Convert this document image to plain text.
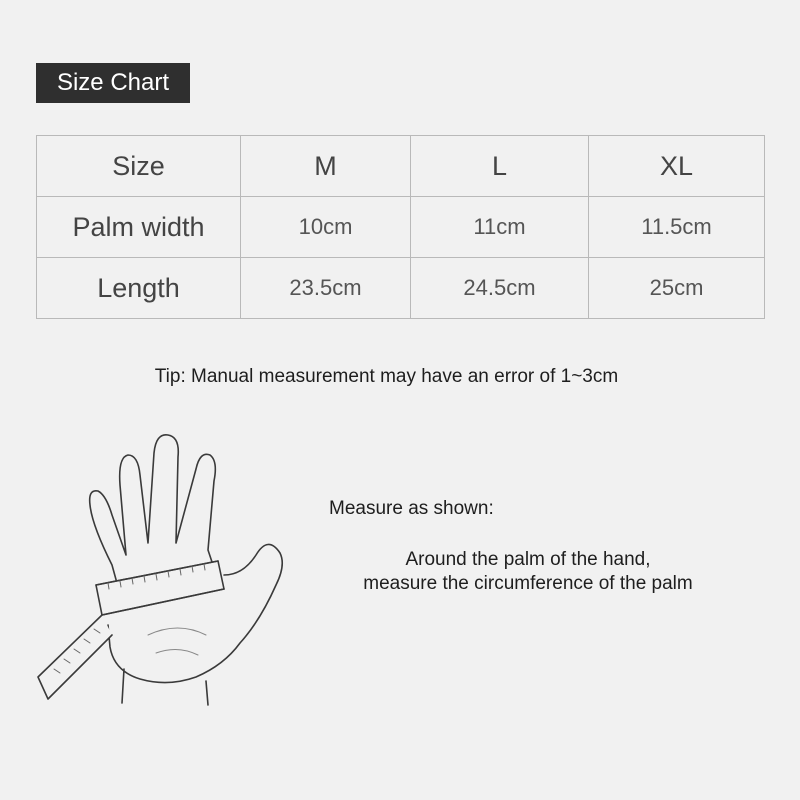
Size Chart
Size	M	L	XL
Palm width	10cm	11cm	11.5cm
Length	23.5cm	24.5cm	25cm
Tip: Manual measurement may have an error of 1~3cm
Measure as shown:
Around the palm of the hand,
measure the circumference of the palm
